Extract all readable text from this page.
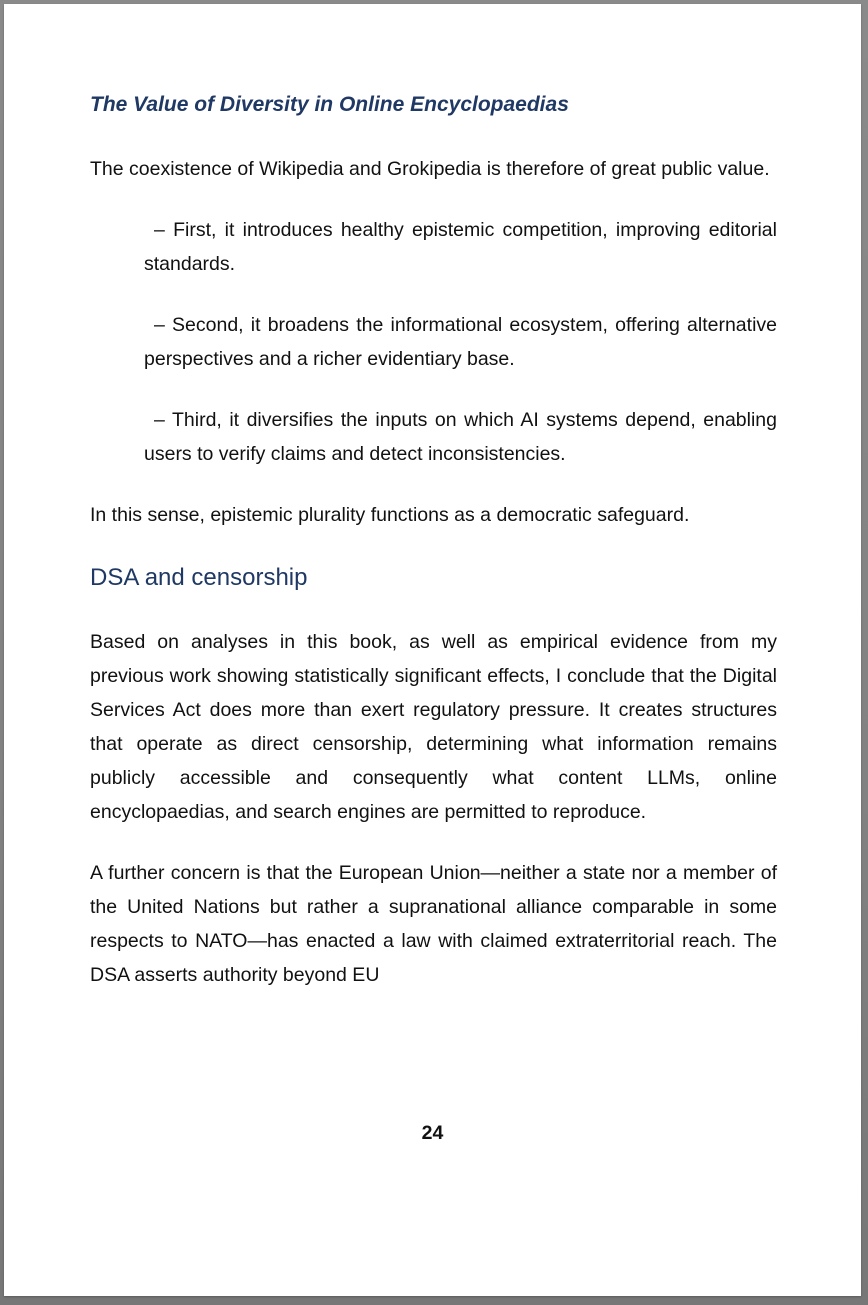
The Value of Diversity in Online Encyclopaedias

The coexistence of Wikipedia and Grokipedia is therefore of great public value.

– First, it introduces healthy epistemic competition, improving editorial standards.

– Second, it broadens the informational ecosystem, offering alternative perspectives and a richer evidentiary base.

– Third, it diversifies the inputs on which AI systems depend, enabling users to verify claims and detect inconsistencies.

In this sense, epistemic plurality functions as a democratic safeguard.

DSA and censorship

Based on analyses in this book, as well as empirical evidence from my previous work showing statistically significant effects, I conclude that the Digital Services Act does more than exert regulatory pressure. It creates structures that operate as direct censorship, determining what information remains publicly accessible and consequently what content LLMs, online encyclopaedias, and search engines are permitted to reproduce.

A further concern is that the European Union—neither a state nor a member of the United Nations but rather a supranational alliance comparable in some respects to NATO—has enacted a law with claimed extraterritorial reach. The DSA asserts authority beyond EU

24
